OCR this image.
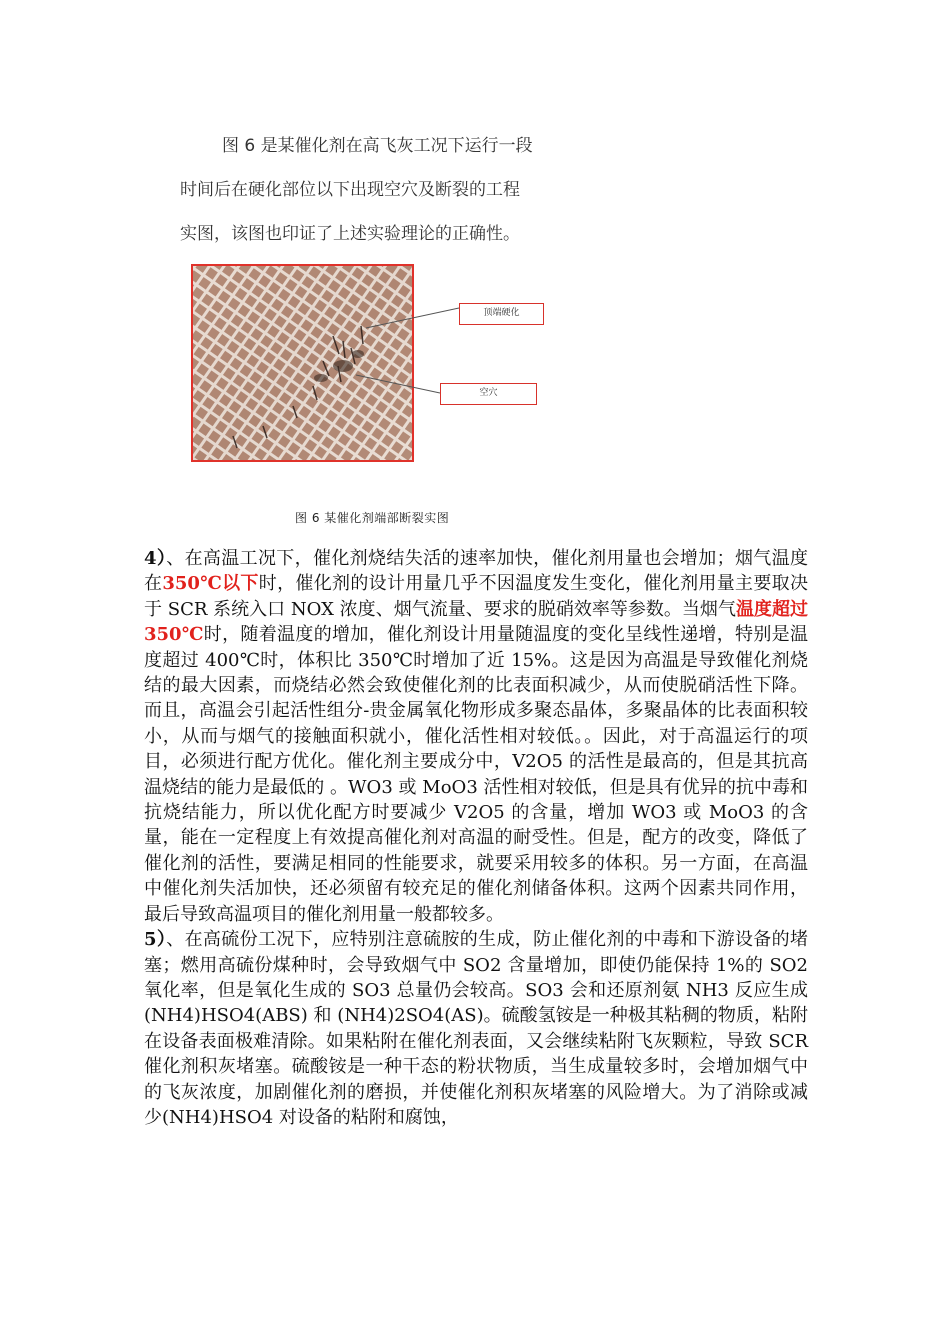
图 6 是某催化剂在高飞灰工况下运行一段

时间后在硬化部位以下出现空穴及断裂的工程

实图，该图也印证了上述实验理论的正确性。

顶端硬化
空穴
图 6 某催化剂端部断裂实图

4）、在高温工况下，催化剂烧结失活的速率加快，催化剂用量也会增加；烟气温度在350℃以下时，催化剂的设计用量几乎不因温度发生变化，催化剂用量主要取决于 SCR 系统入口 NOX 浓度、烟气流量、要求的脱硝效率等参数。当烟气温度超过 350℃时，随着温度的增加，催化剂设计用量随温度的变化呈线性递增，特别是温度超过 400℃时，体积比 350℃时增加了近 15%。这是因为高温是导致催化剂烧结的最大因素，而烧结必然会致使催化剂的比表面积减少，从而使脱硝活性下降。而且，高温会引起活性组分-贵金属氧化物形成多聚态晶体，多聚晶体的比表面积较小，从而与烟气的接触面积就小，催化活性相对较低。。因此，对于高温运行的项目，必须进行配方优化。催化剂主要成分中，V2O5 的活性是最高的，但是其抗高温烧结的能力是最低的 。WO3 或 MoO3 活性相对较低，但是具有优异的抗中毒和抗烧结能力，所以优化配方时要减少 V2O5 的含量，增加 WO3 或 MoO3 的含量，能在一定程度上有效提高催化剂对高温的耐受性。但是，配方的改变，降低了催化剂的活性，要满足相同的性能要求，就要采用较多的体积。另一方面，在高温中催化剂失活加快，还必须留有较充足的催化剂储备体积。这两个因素共同作用，最后导致高温项目的催化剂用量一般都较多。

5）、在高硫份工况下，应特别注意硫胺的生成，防止催化剂的中毒和下游设备的堵塞；燃用高硫份煤种时，会导致烟气中 SO2 含量增加，即使仍能保持 1%的 SO2 氧化率，但是氧化生成的 SO3 总量仍会较高。SO3 会和还原剂氨 NH3 反应生成 (NH4)HSO4(ABS) 和 (NH4)2SO4(AS)。硫酸氢铵是一种极其粘稠的物质，粘附在设备表面极难清除。如果粘附在催化剂表面，又会继续粘附飞灰颗粒，导致 SCR 催化剂积灰堵塞。硫酸铵是一种干态的粉状物质，当生成量较多时，会增加烟气中的飞灰浓度，加剧催化剂的磨损，并使催化剂积灰堵塞的风险增大。为了消除或减少(NH4)HSO4 对设备的粘附和腐蚀，
